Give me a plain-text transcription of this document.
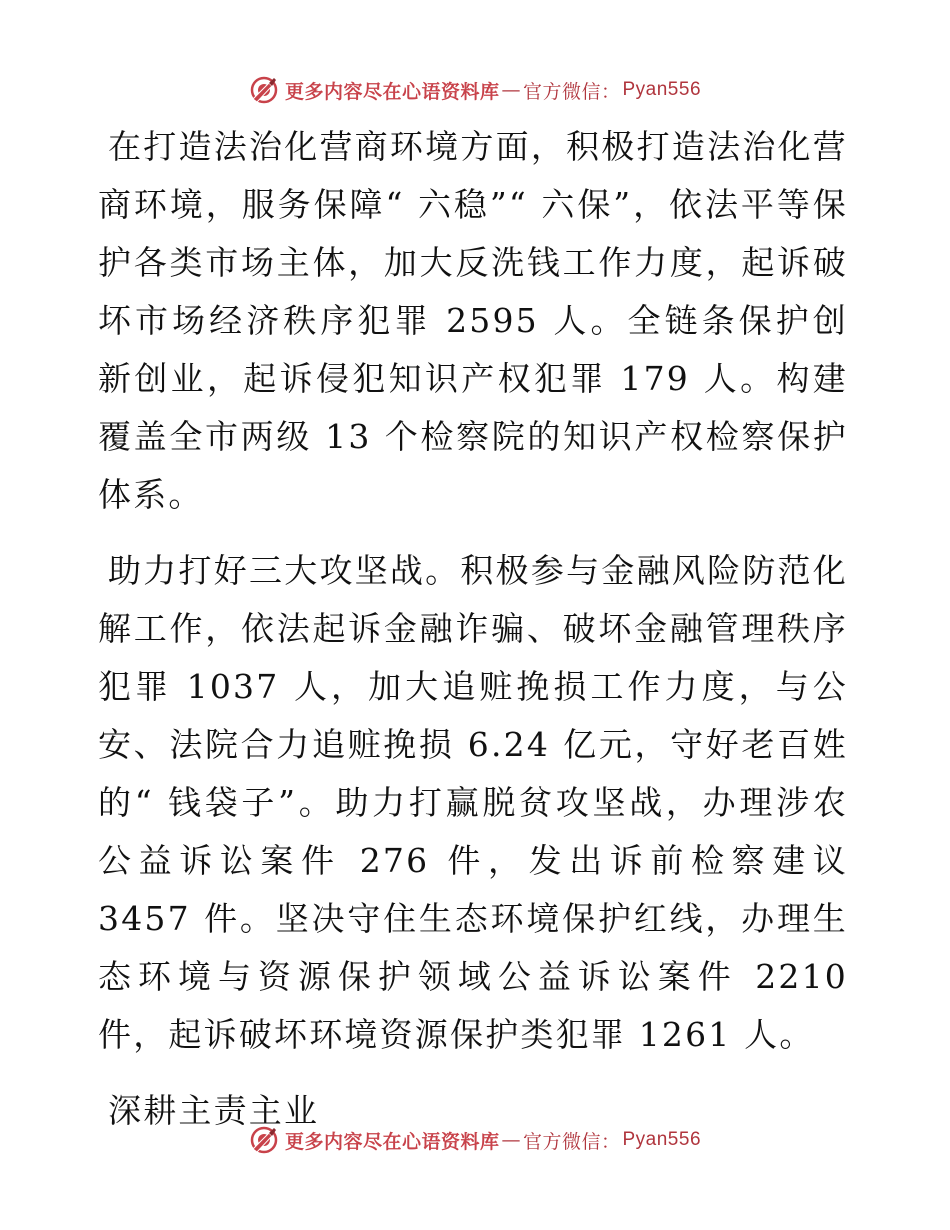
更多内容尽在心语资料库 — 官方微信： Pyan556

在打造法治化营商环境方面，积极打造法治化营商环境，服务保障“ 六稳”“ 六保”，依法平等保护各类市场主体，加大反洗钱工作力度，起诉破坏市场经济秩序犯罪 2595 人。全链条保护创新创业，起诉侵犯知识产权犯罪 179 人。构建覆盖全市两级 13 个检察院的知识产权检察保护体系。

助力打好三大攻坚战。积极参与金融风险防范化解工作，依法起诉金融诈骗、破坏金融管理秩序犯罪 1037 人，加大追赃挽损工作力度，与公安、法院合力追赃挽损 6.24 亿元，守好老百姓的“ 钱袋子”。助力打赢脱贫攻坚战，办理涉农公益诉讼案件 276 件，发出诉前检察建议 3457 件。坚决守住生态环境保护红线，办理生态环境与资源保护领域公益诉讼案件 2210 件，起诉破坏环境资源保护类犯罪 1261 人。

深耕主责主业

更多内容尽在心语资料库 — 官方微信： Pyan556
